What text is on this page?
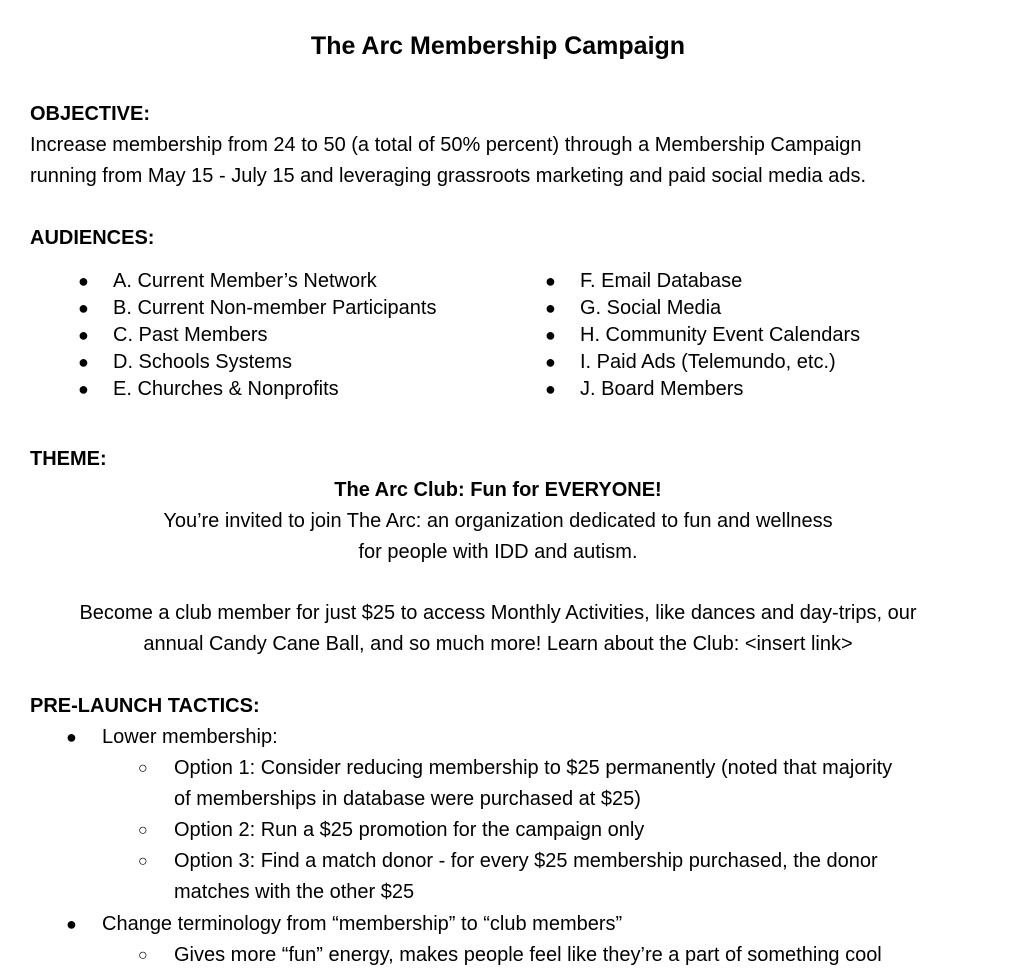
The Arc Membership Campaign
OBJECTIVE:
Increase membership from 24 to 50 (a total of 50% percent) through a Membership Campaign
running from May 15 - July 15 and leveraging grassroots marketing and paid social media ads.
AUDIENCES:
●	A. Current Member’s Network
●	B. Current Non-member Participants
●	C. Past Members
●	D. Schools Systems
●	E. Churches & Nonprofits
●	F. Email Database
●	G. Social Media
●	H. Community Event Calendars
●	I. Paid Ads (Telemundo, etc.)
●	J. Board Members
THEME:
The Arc Club: Fun for EVERYONE!
You’re invited to join The Arc: an organization dedicated to fun and wellness
for people with IDD and autism.
Become a club member for just $25 to access Monthly Activities, like dances and day-trips, our
annual Candy Cane Ball, and so much more! Learn about the Club: <insert link>
PRE-LAUNCH TACTICS:
● Lower membership:
○ Option 1: Consider reducing membership to $25 permanently (noted that majority
of memberships in database were purchased at $25)
○ Option 2: Run a $25 promotion for the campaign only
○ Option 3: Find a match donor - for every $25 membership purchased, the donor
matches with the other $25
● Change terminology from “membership” to “club members”
○ Gives more “fun” energy, makes people feel like they’re a part of something cool
